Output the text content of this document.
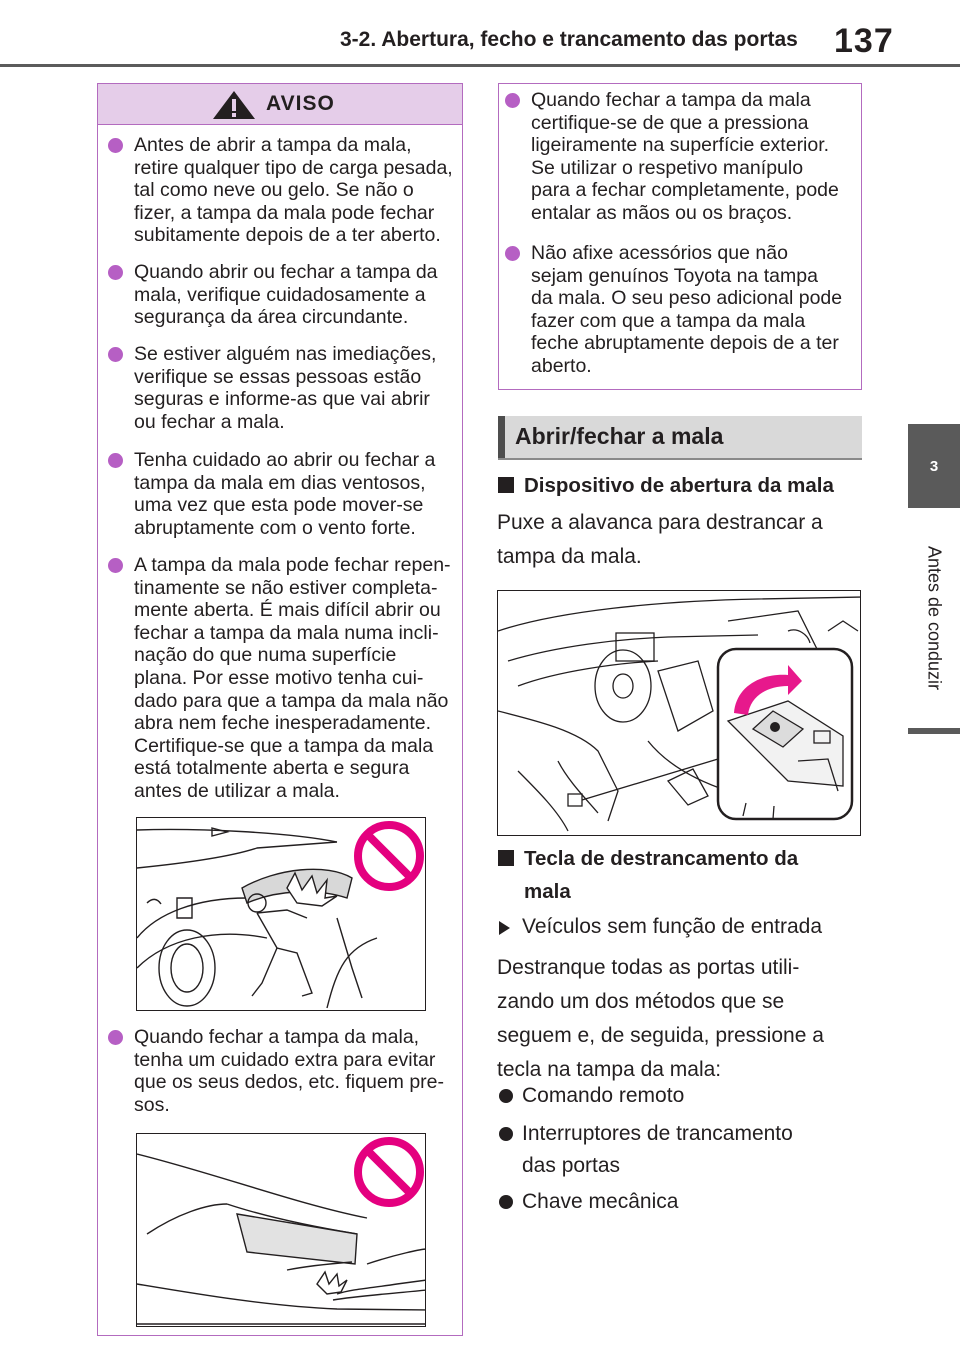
3-2. Abertura, fecho e trancamento das portas 137
3
Antes de conduzir
AVISO
Antes de abrir a tampa da mala,
retire qualquer tipo de carga pesada,
tal como neve ou gelo. Se não o
fizer, a tampa da mala pode fechar
subitamente depois de a ter aberto.
Quando abrir ou fechar a tampa da
mala, verifique cuidadosamente a
segurança da área circundante.
Se estiver alguém nas imediações,
verifique se essas pessoas estão
seguras e informe-as que vai abrir
ou fechar a mala.
Tenha cuidado ao abrir ou fechar a
tampa da mala em dias ventosos,
uma vez que esta pode mover-se
abruptamente com o vento forte.
A tampa da mala pode fechar repen-
tinamente se não estiver completa-
mente aberta. É mais difícil abrir ou
fechar a tampa da mala numa incli-
nação do que numa superfície
plana. Por esse motivo tenha cui-
dado para que a tampa da mala não
abra nem feche inesperadamente.
Certifique-se que a tampa da mala
está totalmente aberta e segura
antes de utilizar a mala.
Quando fechar a tampa da mala,
tenha um cuidado extra para evitar
que os seus dedos, etc. fiquem pre-
sos.
Quando fechar a tampa da mala
certifique-se de que a pressiona
ligeiramente na superfície exterior.
Se utilizar o respetivo manípulo
para a fechar completamente, pode
entalar as mãos ou os braços.
Não afixe acessórios que não
sejam genuínos Toyota na tampa
da mala. O seu peso adicional pode
fazer com que a tampa da mala
feche abruptamente depois de a ter
aberto.
Abrir/fechar a mala
Dispositivo de abertura da mala
Puxe a alavanca para destrancar a
tampa da mala.
Tecla de destrancamento da
mala
Veículos sem função de entrada
Destranque todas as portas utili-
zando um dos métodos que se
seguem e, de seguida, pressione a
tecla na tampa da mala:
Comando remoto
Interruptores de trancamento
das portas
Chave mecânica
